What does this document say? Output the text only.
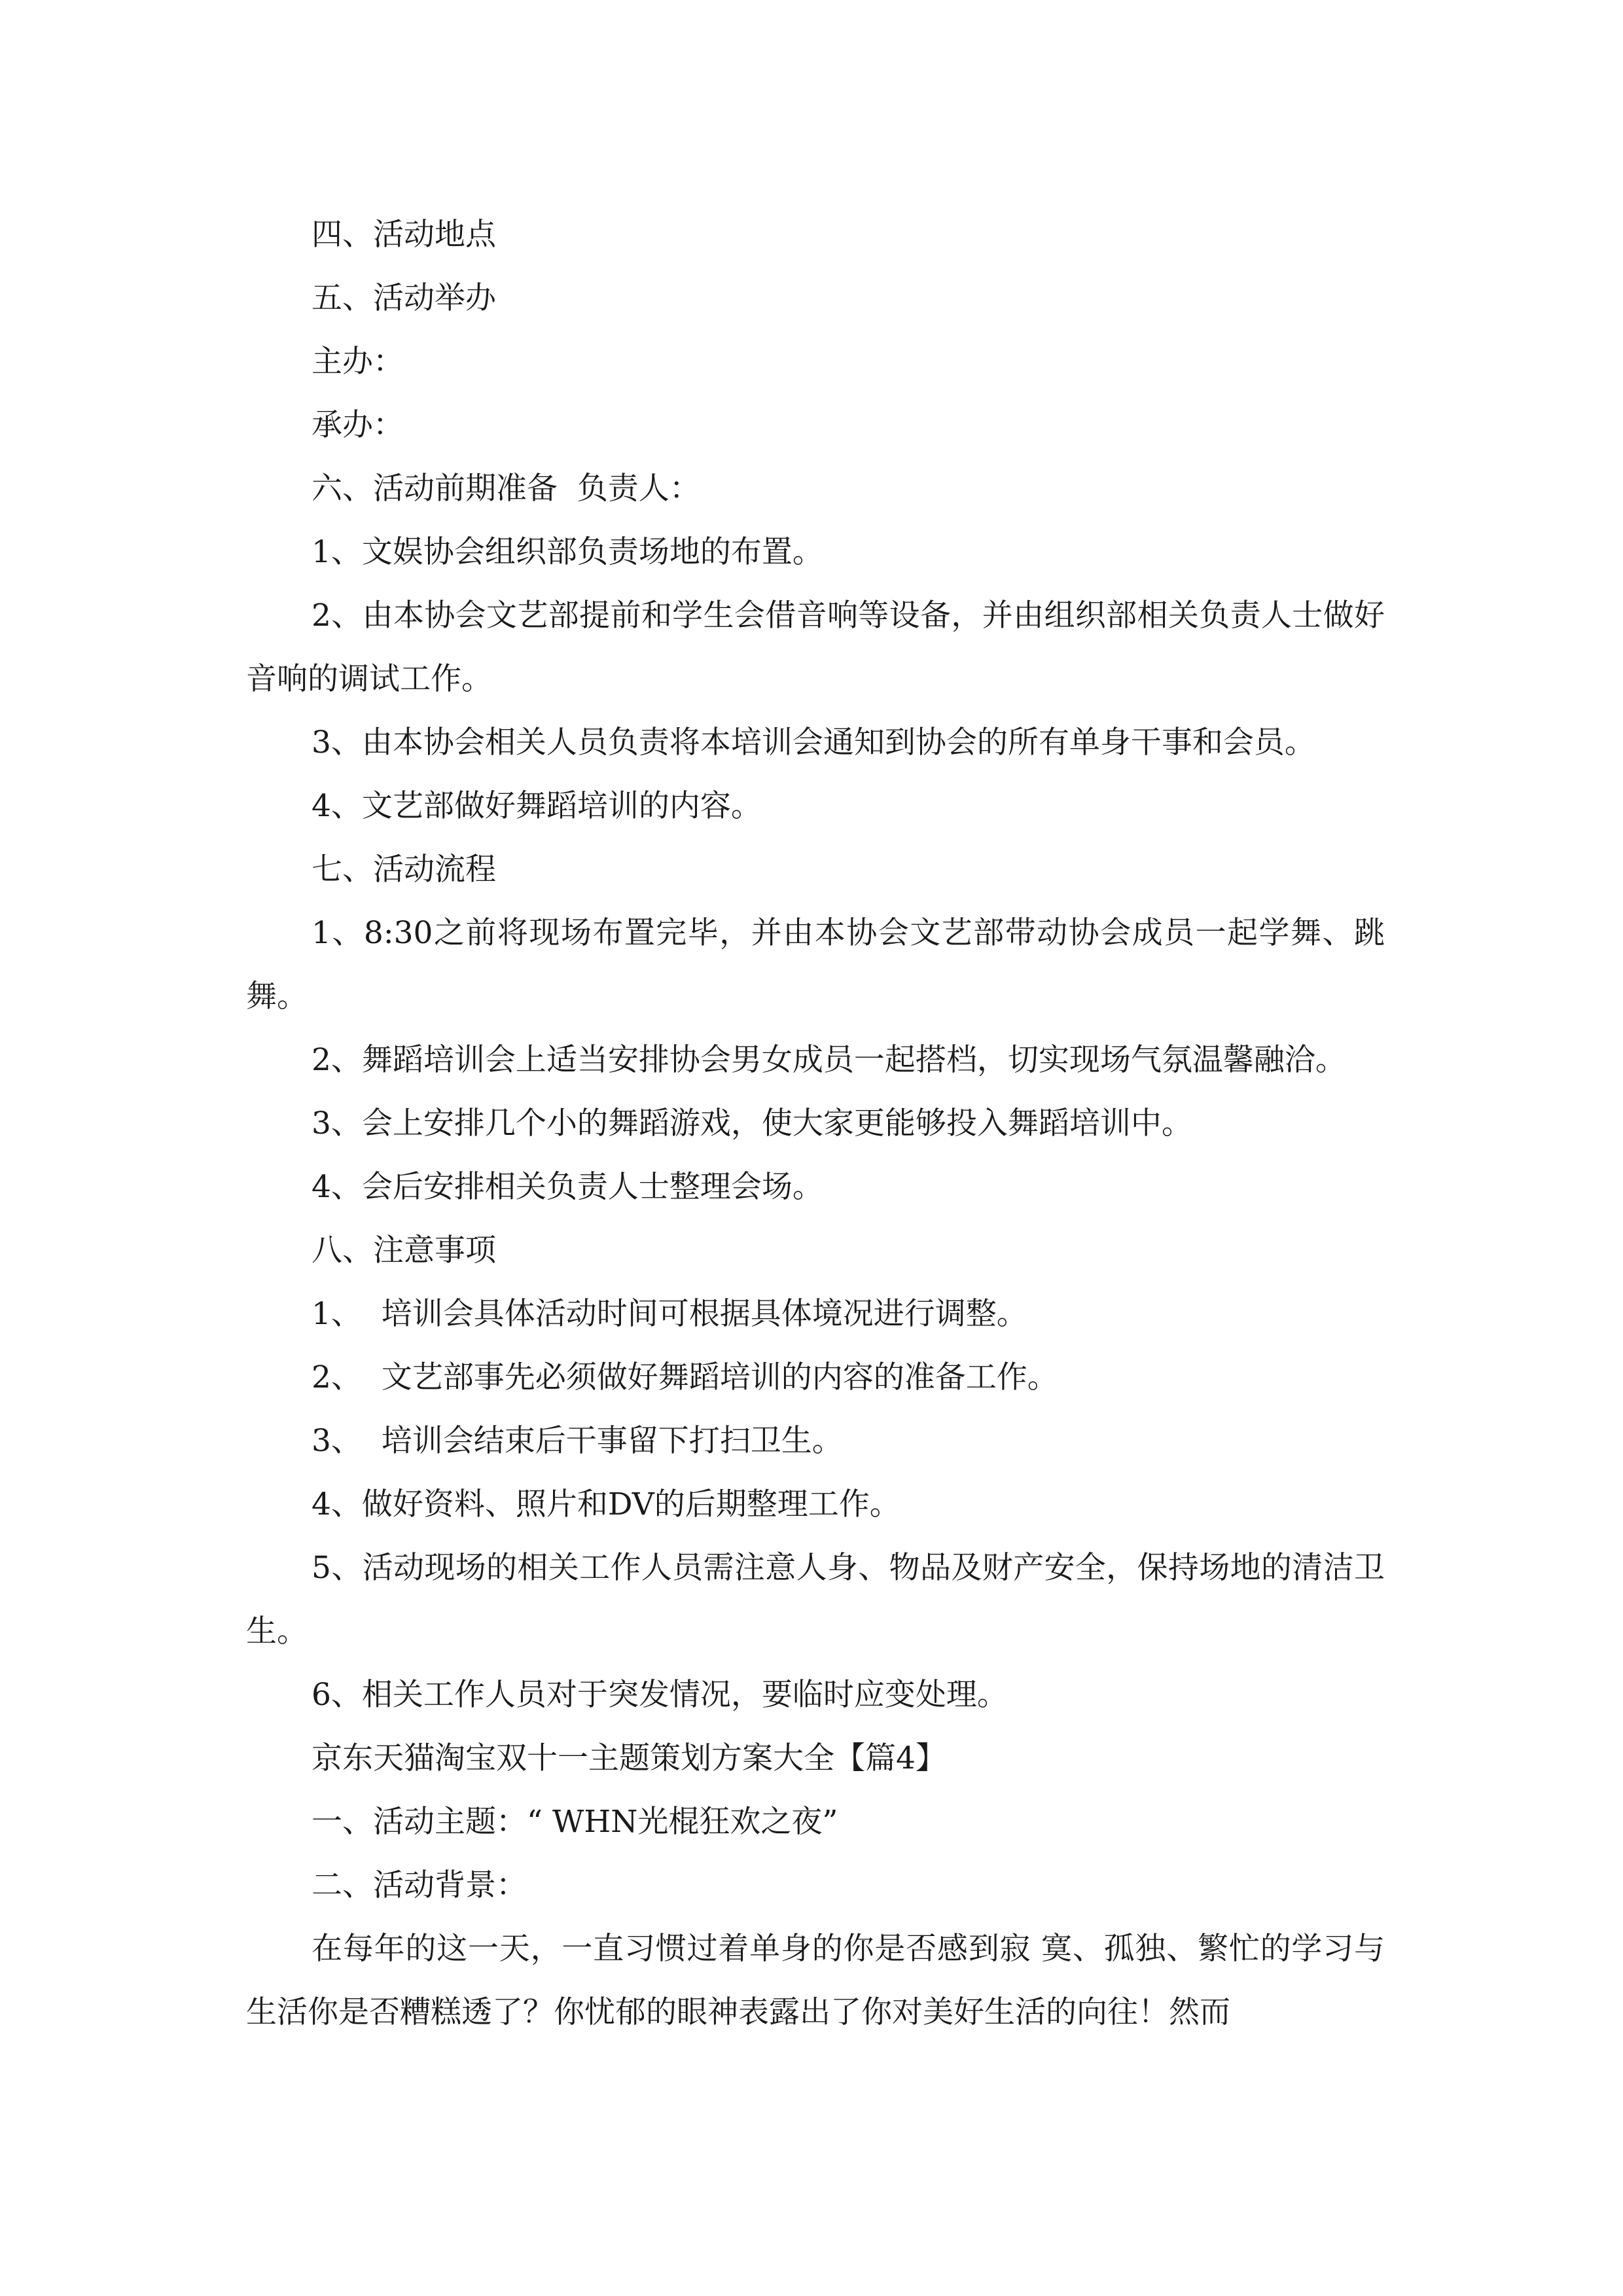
四、活动地点

五、活动举办

主办：

承办：

六、活动前期准备  负责人：

1、文娱协会组织部负责场地的布置。

2、由本协会文艺部提前和学生会借音响等设备，并由组织部相关负责人士做好音响的调试工作。

3、由本协会相关人员负责将本培训会通知到协会的所有单身干事和会员。

4、文艺部做好舞蹈培训的内容。

七、活动流程

1、8:30之前将现场布置完毕，并由本协会文艺部带动协会成员一起学舞、跳舞。

2、舞蹈培训会上适当安排协会男女成员一起搭档，切实现场气氛温馨融洽。

3、会上安排几个小的舞蹈游戏，使大家更能够投入舞蹈培训中。

4、会后安排相关负责人士整理会场。

八、注意事项

1、  培训会具体活动时间可根据具体境况进行调整。

2、  文艺部事先必须做好舞蹈培训的内容的准备工作。

3、  培训会结束后干事留下打扫卫生。

4、做好资料、照片和DV的后期整理工作。

5、活动现场的相关工作人员需注意人身、物品及财产安全，保持场地的清洁卫生。

6、相关工作人员对于突发情况，要临时应变处理。

京东天猫淘宝双十一主题策划方案大全【篇4】

一、活动主题：“ WHN光棍狂欢之夜”

二、活动背景：

在每年的这一天，一直习惯过着单身的你是否感到寂 寞、孤独、繁忙的学习与生活你是否糟糕透了？你忧郁的眼神表露出了你对美好生活的向往！然而
